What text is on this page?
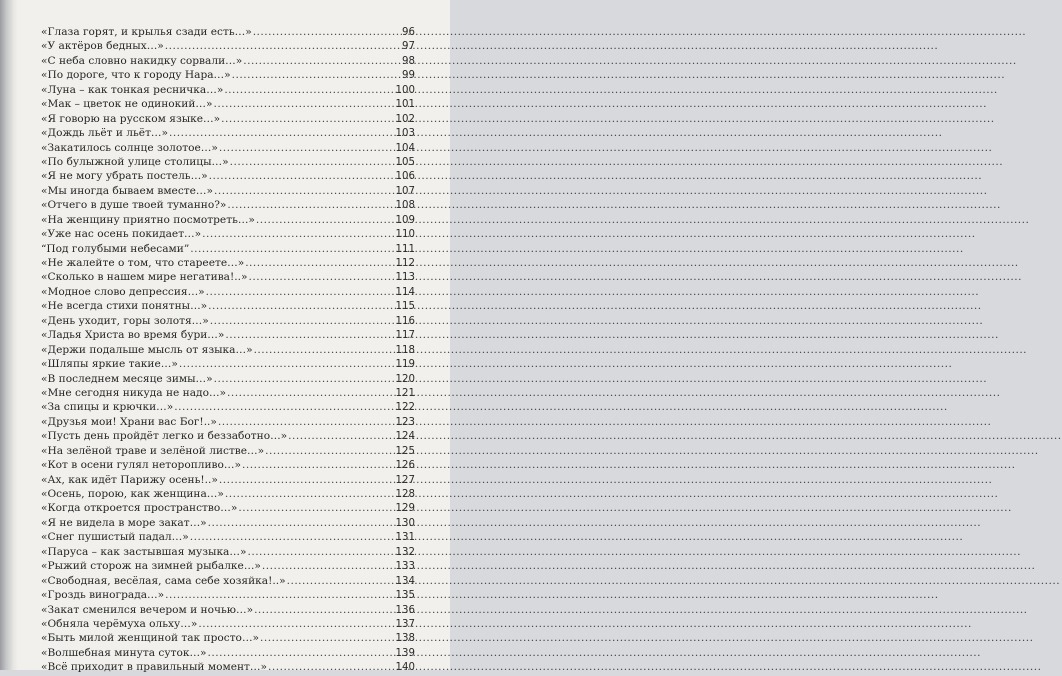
«Глаза горят, и крылья сзади есть…» .....	96
«У актёров бедных…» .....	97
«С неба словно накидку сорвали…» .....	98
«По дороге, что к городу Нара…» .....	99
«Луна – как тонкая ресничка…» .....	100
«Мак – цветок не одинокий…» .....	101
«Я говорю на русском языке…» .....	102
«Дождь льёт и льёт…» .....	103
«Закатилось солнце золотое…» .....	104
«По булыжной улице столицы…» .....	105
«Я не могу убрать постель…» .....	106
«Мы иногда бываем вместе…» .....	107
«Отчего в душе твоей туманно?» .....	108
«На женщину приятно посмотреть…» .....	109
«Уже нас осень покидает…» .....	110
“Под голубыми небесами” .....	111
«Не жалейте о том, что стареете…» .....	112
«Сколько в нашем мире негатива!..» .....	113
«Модное слово депрессия…» .....	114
«Не всегда стихи понятны…» .....	115
«День уходит, горы золотя…» .....	116
«Ладья Христа во время бури…» .....	117
«Держи подальше мысль от языка…» .....	118
«Шляпы яркие такие…» .....	119
«В последнем месяце зимы…» .....	120
«Мне сегодня никуда не надо…» .....	121
«За спицы и крючки…» .....	122
«Друзья мои! Храни вас Бог!..» .....	123
«Пусть день пройдёт легко и беззаботно…» .....	124
«На зелёной траве и зелёной листве…» .....	125
«Кот в осени гулял неторопливо…» .....	126
«Ах, как идёт Парижу осень!..» .....	127
«Осень, порою, как женщина…» .....	128
«Когда откроется пространство…» .....	129
«Я не видела в море закат…» .....	130
«Снег пушистый падал…» .....	131
«Паруса – как застывшая музыка…» .....	132
«Рыжий сторож на зимней рыбалке…» .....	133
«Свободная, весёлая, сама себе хозяйка!..» .....	134
«Гроздь винограда…» .....	135
«Закат сменился вечером и ночью…» .....	136
«Обняла черёмуха ольху…» .....	137
«Быть милой женщиной так просто…» .....	138
«Волшебная минута суток…» .....	139
«Всё приходит в правильный момент…» .....	140
